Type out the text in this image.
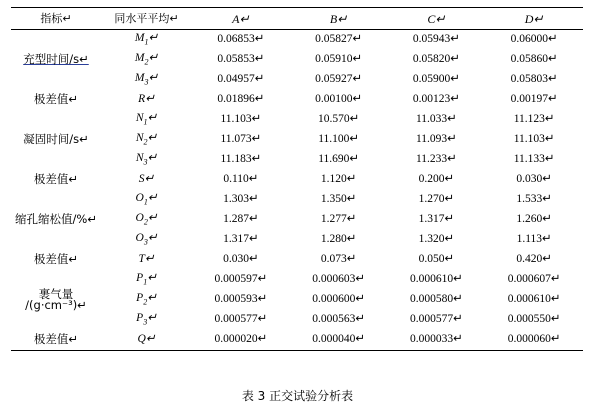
指标↵	同水平平均↵	A↵	B↵	C↵	D↵
充型时间/s↵	$M_1↵$	0.06853↵	0.05827↵	0.05943↵	0.06000↵
	$M_2↵$	0.05853↵	0.05910↵	0.05820↵	0.05860↵
	$M_3↵$	0.04957↵	0.05927↵	0.05900↵	0.05803↵
极差值↵	R↵	0.01896↵	0.00100↵	0.00123↵	0.00197↵
凝固时间/s↵	$N_1↵$	11.103↵	10.570↵	11.033↵	11.123↵
	$N_2↵$	11.073↵	11.100↵	11.093↵	11.103↵
	$N_3↵$	11.183↵	11.690↵	11.233↵	11.133↵
极差值↵	S↵	0.110↵	1.120↵	0.200↵	0.030↵
缩孔缩松值/%↵	$O_1↵$	1.303↵	1.350↵	1.270↵	1.533↵
	$O_2↵$	1.287↵	1.277↵	1.317↵	1.260↵
	$O_3↵$	1.317↵	1.280↵	1.320↵	1.113↵
极差值↵	T↵	0.030↵	0.073↵	0.050↵	0.420↵
裹气量
/(g·cm⁻³)↵	$P_1↵$	0.000597↵	0.000603↵	0.000610↵	0.000607↵
	$P_2↵$	0.000593↵	0.000600↵	0.000580↵	0.000610↵
	$P_3↵$	0.000577↵	0.000563↵	0.000577↵	0.000550↵
极差值↵	Q↵	0.000020↵	0.000040↵	0.000033↵	0.000060↵
表 3 正交试验分析表
